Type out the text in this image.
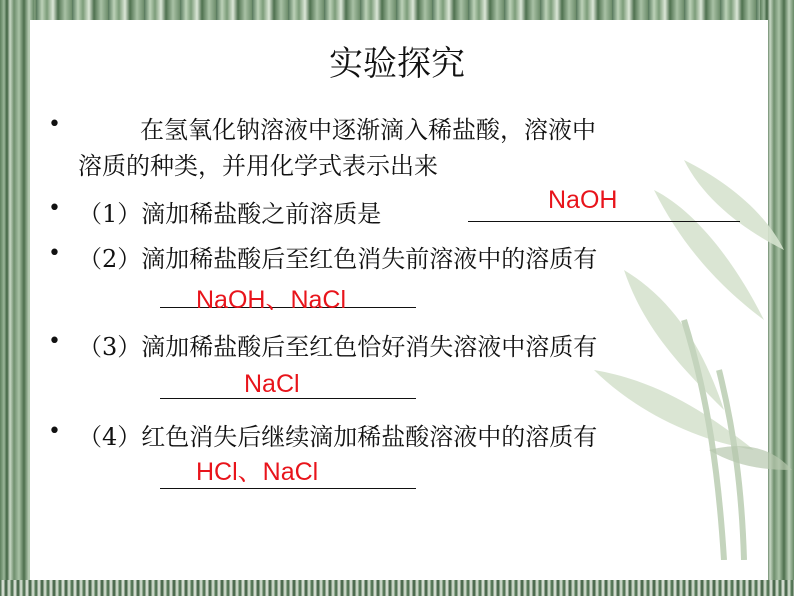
实验探究
•	在氢氧化钠溶液中逐渐滴入稀盐酸，溶液中
溶质的种类，并用化学式表示出来
• （1）滴加稀盐酸之前溶质是	NaOH
• （2）滴加稀盐酸后至红色消失前溶液中的溶质有
NaOH、NaCl
• （3）滴加稀盐酸后至红色恰好消失溶液中溶质有
NaCl
• （4）红色消失后继续滴加稀盐酸溶液中的溶质有
HCl、NaCl
